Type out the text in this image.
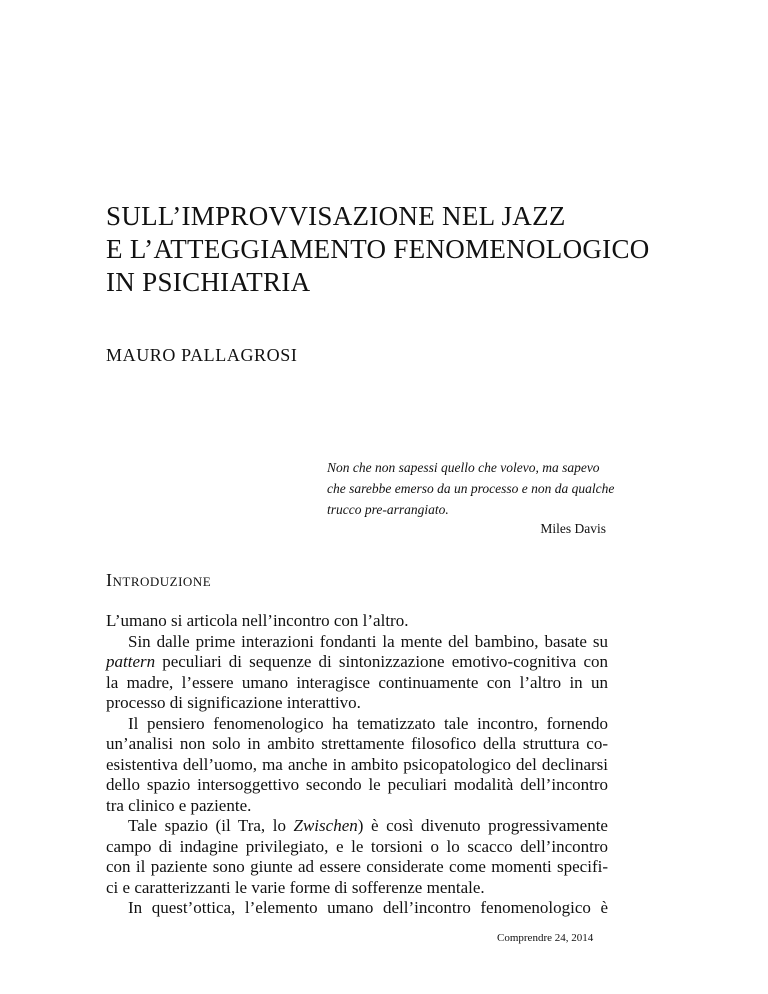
SULL’IMPROVVISAZIONE NEL JAZZ
E L’ATTEGGIAMENTO FENOMENOLOGICO
IN PSICHIATRIA
MAURO PALLAGROSI
Non che non sapessi quello che volevo, ma sapevo
che sarebbe emerso da un processo e non da qualche
trucco pre-arrangiato.
Miles Davis
Introduzione

L’umano si articola nell’incontro con l’altro.

Sin dalle prime interazioni fondanti la mente del bambino, basate su
pattern peculiari di sequenze di sintonizzazione emotivo-cognitiva con
la madre, l’essere umano interagisce continuamente con l’altro in un
processo di significazione interattivo.

Il pensiero fenomenologico ha tematizzato tale incontro, fornendo
un’analisi non solo in ambito strettamente filosofico della struttura co-
esistentiva dell’uomo, ma anche in ambito psicopatologico del declinarsi
dello spazio intersoggettivo secondo le peculiari modalità dell’incontro
tra clinico e paziente.

Tale spazio (il Tra, lo Zwischen) è così divenuto progressivamente
campo di indagine privilegiato, e le torsioni o lo scacco dell’incontro
con il paziente sono giunte ad essere considerate come momenti specifi-
ci e caratterizzanti le varie forme di sofferenze mentale.

In quest’ottica, l’elemento umano dell’incontro fenomenologico è

Comprendre 24, 2014
